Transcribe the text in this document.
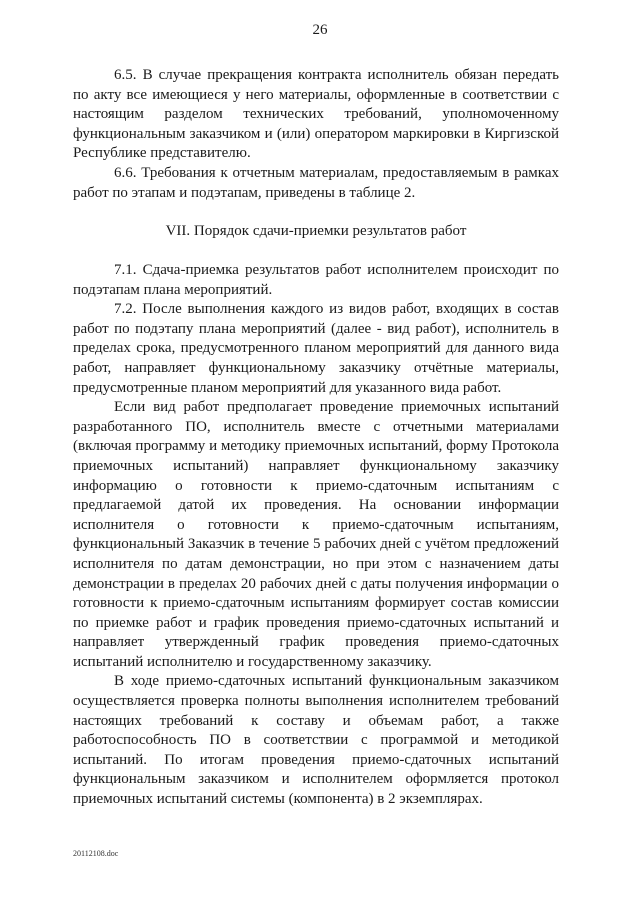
26

6.5. В случае прекращения контракта исполнитель обязан передать по акту все имеющиеся у него материалы, оформленные в соответствии с настоящим разделом технических требований, уполномоченному функциональным заказчиком и (или) оператором маркировки в Киргизской Республике представителю.

6.6. Требования к отчетным материалам, предоставляемым в рамках работ по этапам и подэтапам, приведены в таблице 2.

VII. Порядок сдачи-приемки результатов работ

7.1. Сдача-приемка результатов работ исполнителем происходит по подэтапам плана мероприятий.

7.2. После выполнения каждого из видов работ, входящих в состав работ по подэтапу плана мероприятий (далее - вид работ), исполнитель в пределах срока, предусмотренного планом мероприятий для данного вида работ, направляет функциональному заказчику отчётные материалы, предусмотренные планом мероприятий для указанного вида работ.

Если вид работ предполагает проведение приемочных испытаний разработанного ПО, исполнитель вместе с отчетными материалами (включая программу и методику приемочных испытаний, форму Протокола приемочных испытаний) направляет функциональному заказчику информацию о готовности к приемо-сдаточным испытаниям с предлагаемой датой их проведения. На основании информации исполнителя о готовности к приемо-сдаточным испытаниям, функциональный Заказчик в течение 5 рабочих дней с учётом предложений исполнителя по датам демонстрации, но при этом с назначением даты демонстрации в пределах 20 рабочих дней с даты получения информации о готовности к приемо-сдаточным испытаниям формирует состав комиссии по приемке работ и график проведения приемо-сдаточных испытаний и направляет утвержденный график проведения приемо-сдаточных испытаний исполнителю и государственному заказчику.

В ходе приемо-сдаточных испытаний функциональным заказчиком осуществляется проверка полноты выполнения исполнителем требований настоящих требований к составу и объемам работ, а также работоспособность ПО в соответствии с программой и методикой испытаний. По итогам проведения приемо-сдаточных испытаний функциональным заказчиком и исполнителем оформляется протокол приемочных испытаний системы (компонента) в 2 экземплярах.

20112108.doc
